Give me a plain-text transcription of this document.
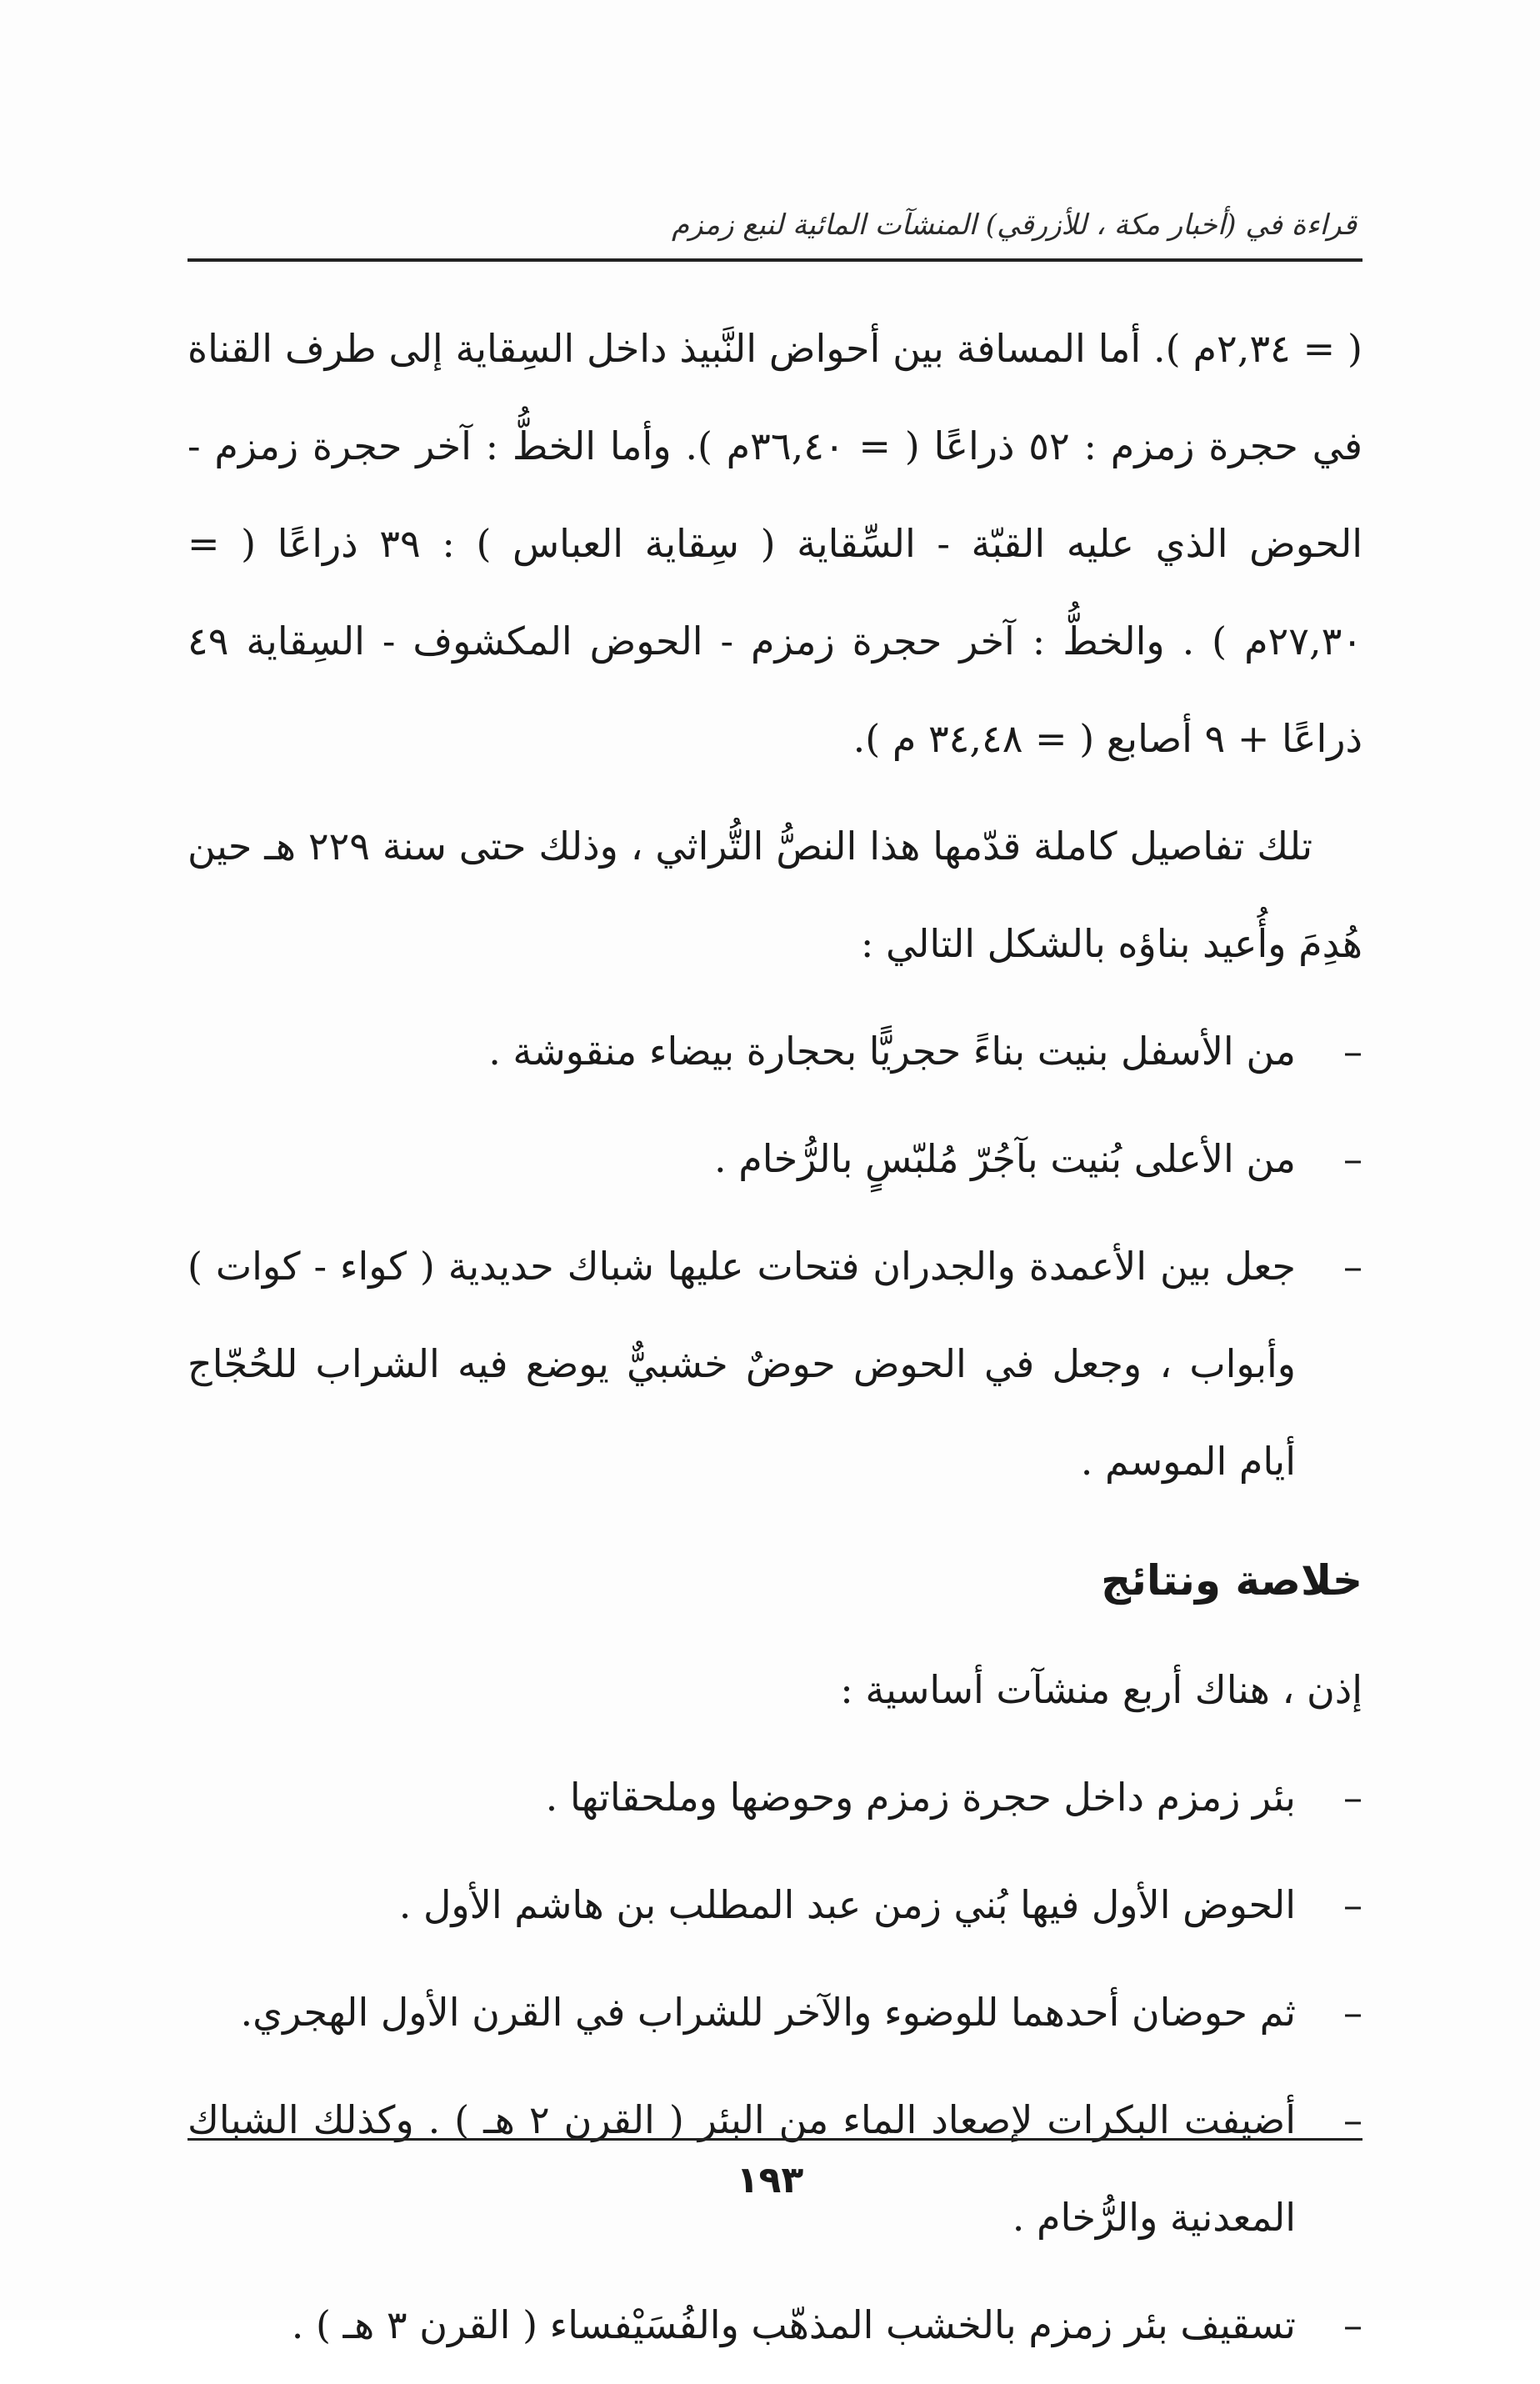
قراءة في (أخبار مكة ، للأزرقي) المنشآت المائية لنبع زمزم

( = ٢,٣٤م ). أما المسافة بين أحواض النَّبيذ داخل السِقاية إلى طرف القناة في حجرة زمزم : ٥٢ ذراعًا ( = ٣٦,٤٠م ). وأما الخطُّ : آخر حجرة زمزم - الحوض الذي عليه القبّة - السِّقاية ( سِقاية العباس ) : ٣٩ ذراعًا ( = ٢٧,٣٠م ) . والخطُّ : آخر حجرة زمزم - الحوض المكشوف - السِقاية ٤٩ ذراعًا + ٩ أصابع ( = ٣٤,٤٨ م ).

تلك تفاصيل كاملة قدّمها هذا النصُّ التُّراثي ، وذلك حتى سنة ٢٢٩ هـ حين هُدِمَ وأُعيد بناؤه بالشكل التالي :

–
من الأسفل بنيت بناءً حجريًّا بحجارة بيضاء منقوشة .
–
من الأعلى بُنيت بآجُرّ مُلبّسٍ بالرُّخام .
–
جعل بين الأعمدة والجدران فتحات عليها شباك حديدية ( كواء - كوات ) وأبواب ، وجعل في الحوض حوضٌ خشبيٌّ يوضع فيه الشراب للحُجّاج أيام الموسم .
خلاصة ونتائج

إذن ، هناك أربع منشآت أساسية :

–
بئر زمزم داخل حجرة زمزم وحوضها وملحقاتها .
–
الحوض الأول فيها بُني زمن عبد المطلب بن هاشم الأول .
–
ثم حوضان أحدهما للوضوء والآخر للشراب في القرن الأول الهجري.
–
أضيفت البكرات لإصعاد الماء من البئر ( القرن ٢ هـ ) . وكذلك الشباك المعدنية والرُّخام .
–
تسقيف بئر زمزم بالخشب المذهّب والفُسَيْفساء ( القرن ٣ هـ ) .
١٩٣
